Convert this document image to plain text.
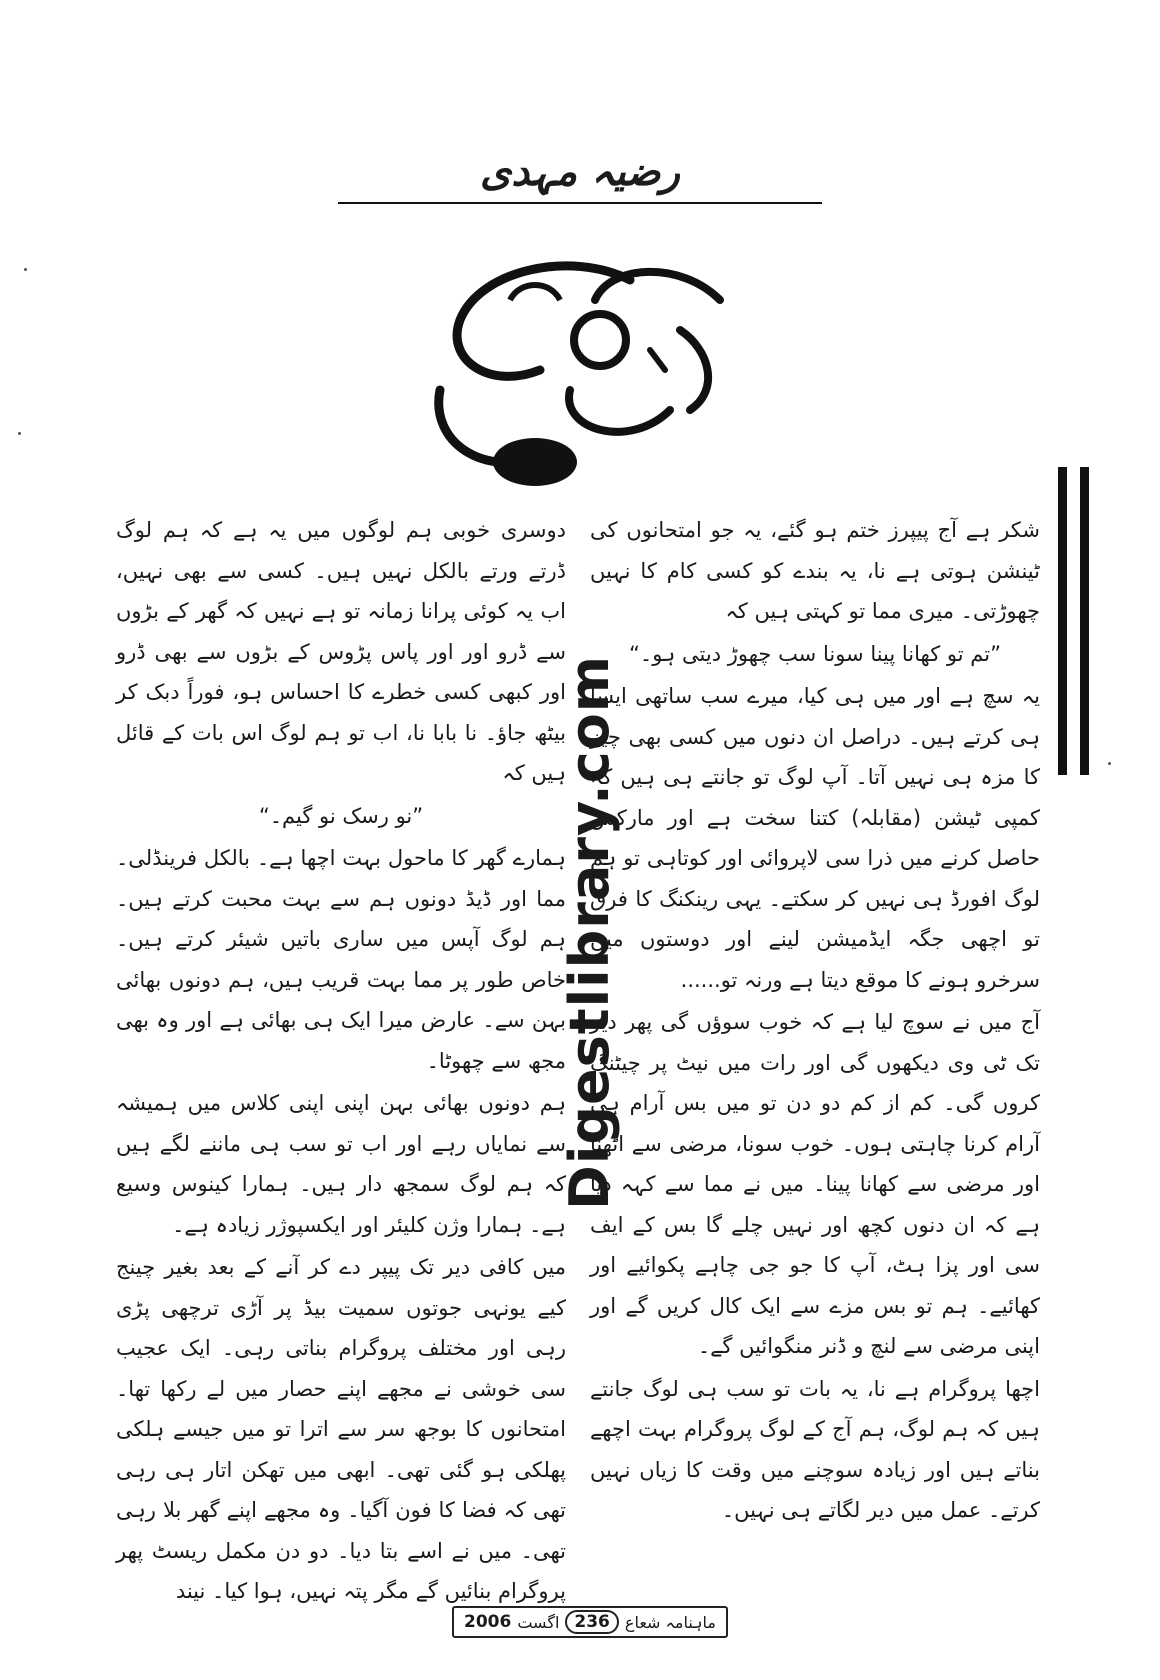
رضیہ مہدی

شکر ہے آج پیپرز ختم ہو گئے، یہ جو امتحانوں کی ٹینشن ہوتی ہے نا، یہ بندے کو کسی کام کا نہیں چھوڑتی۔ میری مما تو کہتی ہیں کہ

”تم تو کھانا پینا سونا سب چھوڑ دیتی ہو۔“

یہ سچ ہے اور میں ہی کیا، میرے سب ساتھی ایسا ہی کرتے ہیں۔ دراصل ان دنوں میں کسی بھی چیز کا مزہ ہی نہیں آتا۔ آپ لوگ تو جانتے ہی ہیں کہ کمپی ٹیشن (مقابلہ) کتنا سخت ہے اور مارکس حاصل کرنے میں ذرا سی لاپروائی اور کوتاہی تو ہم لوگ افورڈ ہی نہیں کر سکتے۔ یہی رینکنگ کا فرق تو اچھی جگہ ایڈمیشن لینے اور دوستوں میں سرخرو ہونے کا موقع دیتا ہے ورنہ تو......

آج میں نے سوچ لیا ہے کہ خوب سوؤں گی پھر دیر تک ٹی وی دیکھوں گی اور رات میں نیٹ پر چیٹنگ کروں گی۔ کم از کم دو دن تو میں بس آرام ہی آرام کرنا چاہتی ہوں۔ خوب سونا، مرضی سے اٹھنا اور مرضی سے کھانا پینا۔ میں نے مما سے کہہ دیا ہے کہ ان دنوں کچھ اور نہیں چلے گا بس کے ایف سی اور پزا ہٹ، آپ کا جو جی چاہے پکوائیے اور کھائیے۔ ہم تو بس مزے سے ایک کال کریں گے اور اپنی مرضی سے لنچ و ڈنر منگوائیں گے۔

اچھا پروگرام ہے نا، یہ بات تو سب ہی لوگ جانتے ہیں کہ ہم لوگ، ہم آج کے لوگ پروگرام بہت اچھے بناتے ہیں اور زیادہ سوچنے میں وقت کا زیاں نہیں کرتے۔ عمل میں دیر لگاتے ہی نہیں۔

دوسری خوبی ہم لوگوں میں یہ ہے کہ ہم لوگ ڈرتے ورتے بالکل نہیں ہیں۔ کسی سے بھی نہیں، اب یہ کوئی پرانا زمانہ تو ہے نہیں کہ گھر کے بڑوں سے ڈرو اور اور پاس پڑوس کے بڑوں سے بھی ڈرو اور کبھی کسی خطرے کا احساس ہو، فوراً دبک کر بیٹھ جاؤ۔ نا بابا نا، اب تو ہم لوگ اس بات کے قائل ہیں کہ

”نو رسک نو گیم۔“

ہمارے گھر کا ماحول بہت اچھا ہے۔ بالکل فرینڈلی۔ مما اور ڈیڈ دونوں ہم سے بہت محبت کرتے ہیں۔ ہم لوگ آپس میں ساری باتیں شیئر کرتے ہیں۔ خاص طور پر مما بہت قریب ہیں، ہم دونوں بھائی بہن سے۔ عارض میرا ایک ہی بھائی ہے اور وہ بھی مجھ سے چھوٹا۔

ہم دونوں بھائی بہن اپنی اپنی کلاس میں ہمیشہ سے نمایاں رہے اور اب تو سب ہی ماننے لگے ہیں کہ ہم لوگ سمجھ دار ہیں۔ ہمارا کینوس وسیع ہے۔ ہمارا وژن کلیئر اور ایکسپوژر زیادہ ہے۔

میں کافی دیر تک پیپر دے کر آنے کے بعد بغیر چینج کیے یونہی جوتوں سمیت بیڈ پر آڑی ترچھی پڑی رہی اور مختلف پروگرام بناتی رہی۔ ایک عجیب سی خوشی نے مجھے اپنے حصار میں لے رکھا تھا۔ امتحانوں کا بوجھ سر سے اترا تو میں جیسے ہلکی پھلکی ہو گئی تھی۔ ابھی میں تھکن اتار ہی رہی تھی کہ فضا کا فون آگیا۔ وہ مجھے اپنے گھر بلا رہی تھی۔ میں نے اسے بتا دیا۔ دو دن مکمل ریسٹ پھر پروگرام بنائیں گے مگر پتہ نہیں، ہوا کیا۔ نیند

Digestlibrary.com
ماہنامہ شعاع
236
اگست
2006
